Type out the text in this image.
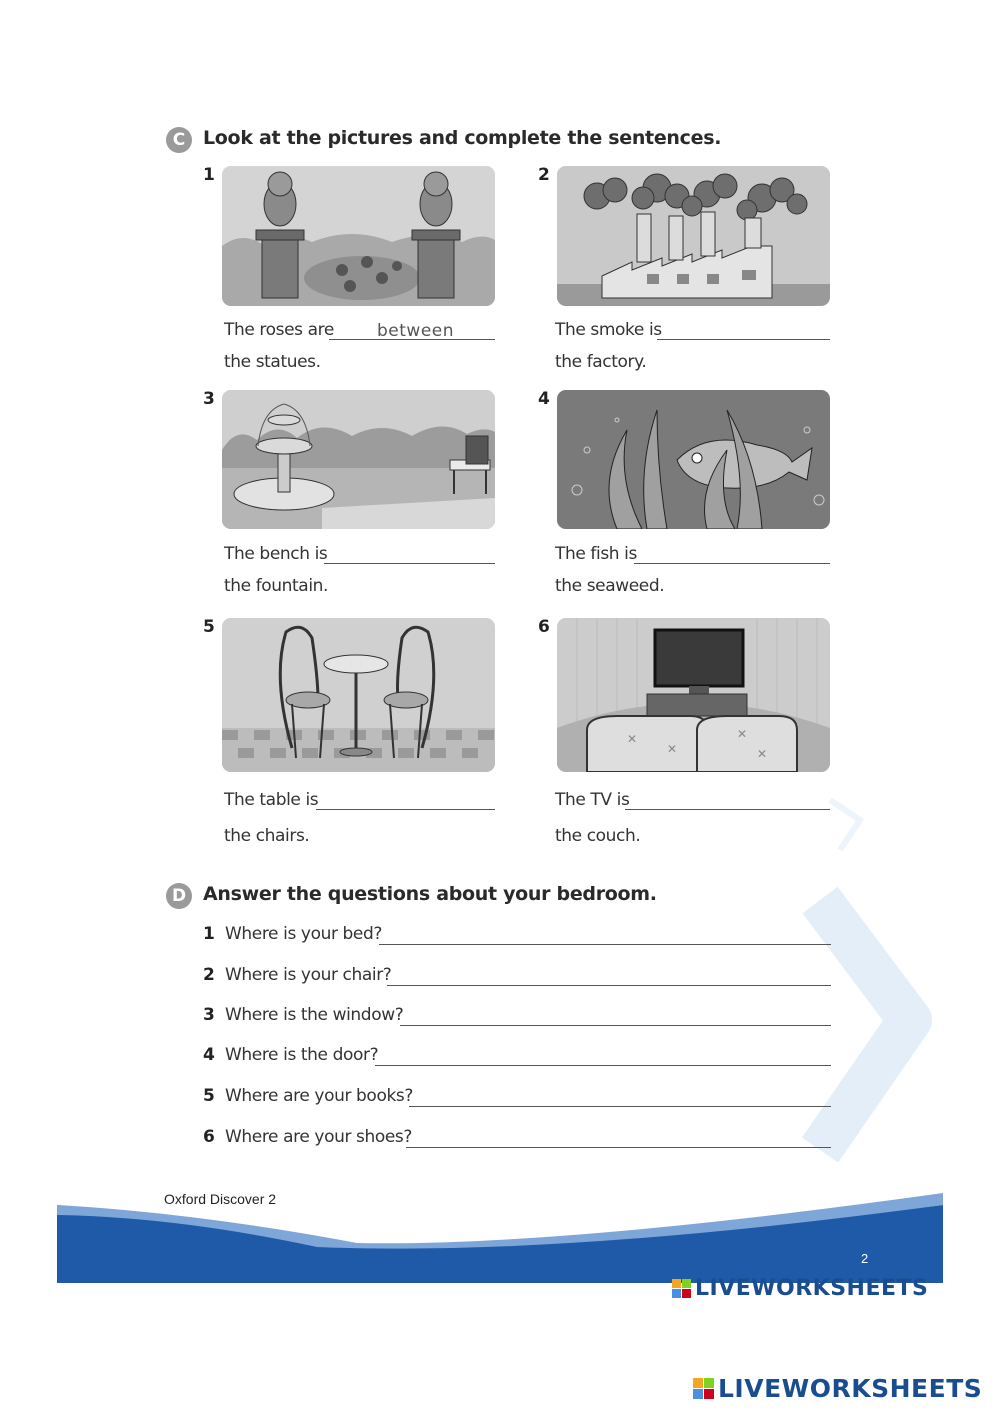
C Look at the pictures and complete the sentences.
1
The roses are	between
the statues.
2
The smoke is
the factory.
3
The bench is
the fountain.
4
The fish is
the seaweed.
5
The table is
the chairs.
6
✕
✕
✕
✕
The TV is
the couch.
D Answer the questions about your bedroom.
1 Where is your bed?
2 Where is your chair?
3 Where is the window?
4 Where is the door?
5 Where are your books?
6 Where are your shoes?
Oxford Discover 2
2
LIVEWORKSHEETS
LIVEWORKSHEETS
